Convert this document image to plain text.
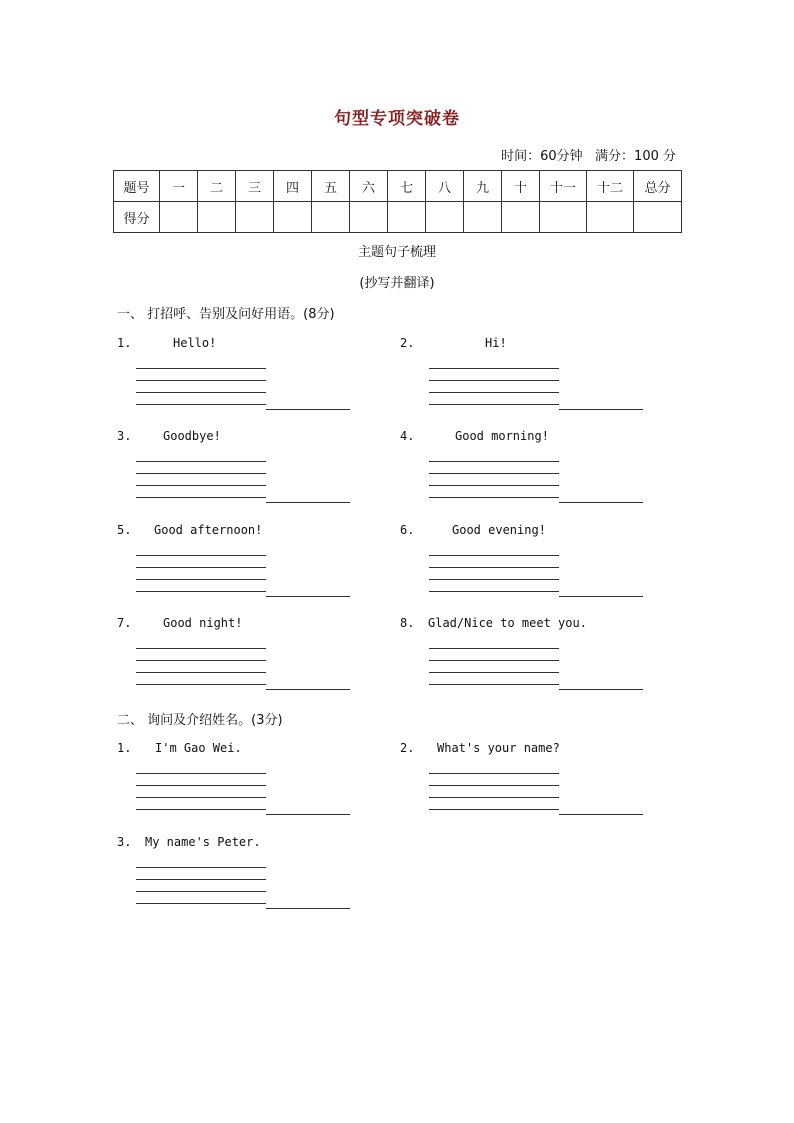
句型专项突破卷
时间：60分钟 满分：100 分
题号	一	二	三	四	五	六	七	八	九	十	十一	十二	总分
得分													
主题句子梳理
(抄写并翻译)
一、 打招呼、告别及问好用语。(8分)
二、 询问及介绍姓名。(3分)
1.	Hello!	2.	Hi!
3.	Goodbye!	4.	Good morning!
5. Good afternoon!	6.	Good evening!
7.	Good night!	8. Glad/Nice to meet you.
1. I'm Gao Wei.	2. What's your name?
3. My name's Peter.
